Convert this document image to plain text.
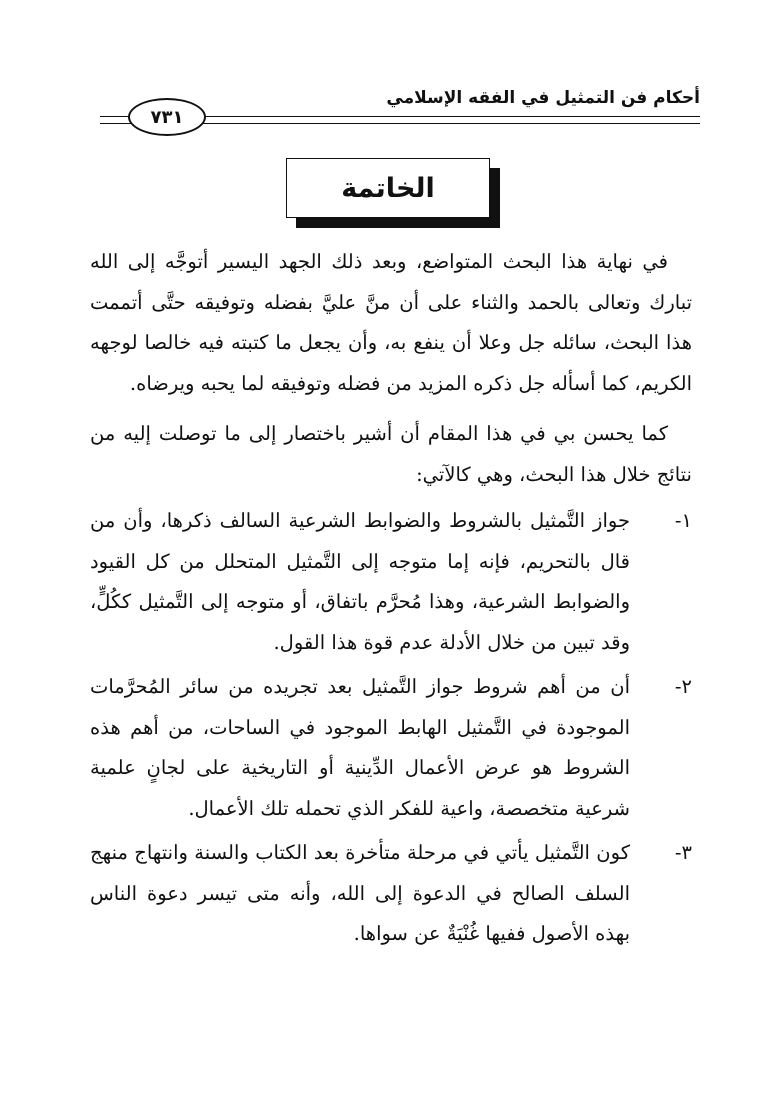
أحكام فن التمثيل في الفقه الإسلامي
٧٣١
الخاتمة

في نهاية هذا البحث المتواضع، وبعد ذلك الجهد اليسير أتوجَّه إلى الله تبارك وتعالى بالحمد والثناء على أن منَّ عليَّ بفضله وتوفيقه حتَّى أتممت هذا البحث، سائله جل وعلا أن ينفع به، وأن يجعل ما كتبته فيه خالصا لوجهه الكريم، كما أسأله جل ذكره المزيد من فضله وتوفيقه لما يحبه ويرضاه.

كما يحسن بي في هذا المقام أن أشير باختصار إلى ما توصلت إليه من نتائج خلال هذا البحث، وهي كالآتي:

١-
جواز التَّمثيل بالشروط والضوابط الشرعية السالف ذكرها، وأن من قال بالتحريم، فإنه إما متوجه إلى التَّمثيل المتحلل من كل القيود والضوابط الشرعية، وهذا مُحرَّم باتفاق، أو متوجه إلى التَّمثيل ككُلٍّ، وقد تبين من خلال الأدلة عدم قوة هذا القول.
٢-
أن من أهم شروط جواز التَّمثيل بعد تجريده من سائر المُحرَّمات الموجودة في التَّمثيل الهابط الموجود في الساحات، من أهم هذه الشروط هو عرض الأعمال الدِّينية أو التاريخية على لجانٍ علمية شرعية متخصصة، واعية للفكر الذي تحمله تلك الأعمال.
٣-
كون التَّمثيل يأتي في مرحلة متأخرة بعد الكتاب والسنة وانتهاج منهج السلف الصالح في الدعوة إلى الله، وأنه متى تيسر دعوة الناس بهذه الأصول ففيها غُنْيَةٌ عن سواها.
